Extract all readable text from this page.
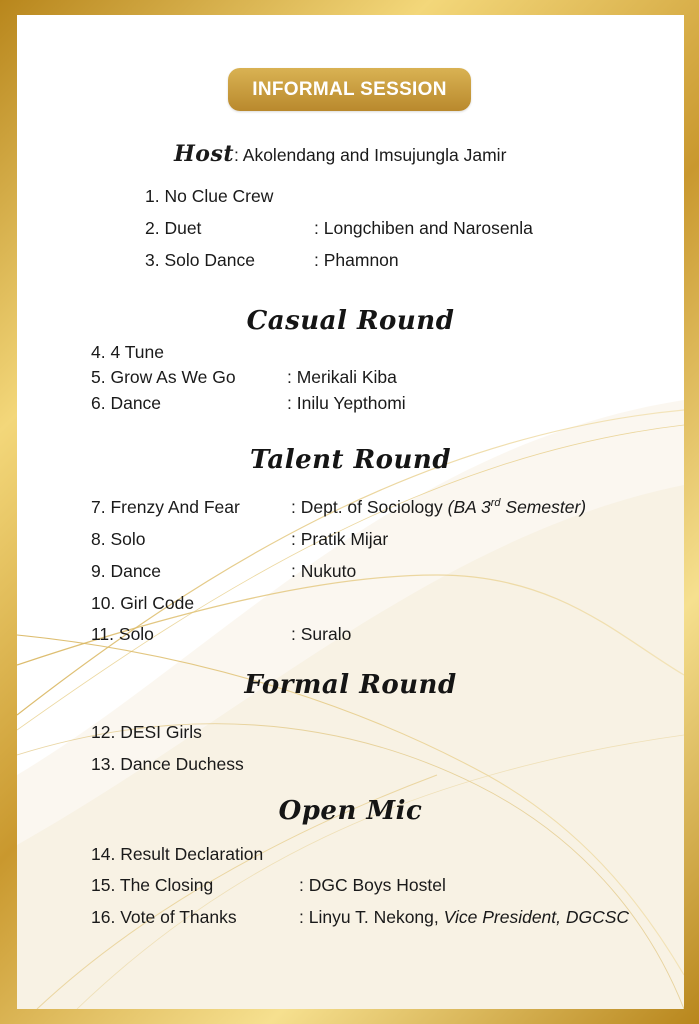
INFORMAL SESSION
Host: Akolendang and Imsujungla Jamir
1. No Clue Crew
2. Duet	: Longchiben and Narosenla
3. Solo Dance	: Phamnon
Casual Round
4. 4 Tune
5. Grow As We Go	: Merikali Kiba
6. Dance	: Inilu Yepthomi
Talent Round
7. Frenzy And Fear	: Dept. of Sociology (BA 3rd Semester)
8. Solo	: Pratik Mijar
9. Dance	: Nukuto
10. Girl Code
11. Solo	: Suralo
Formal Round
12. DESI Girls
13. Dance Duchess
Open Mic
14. Result Declaration
15. The Closing	: DGC Boys Hostel
16. Vote of Thanks	: Linyu T. Nekong, Vice President, DGCSC
